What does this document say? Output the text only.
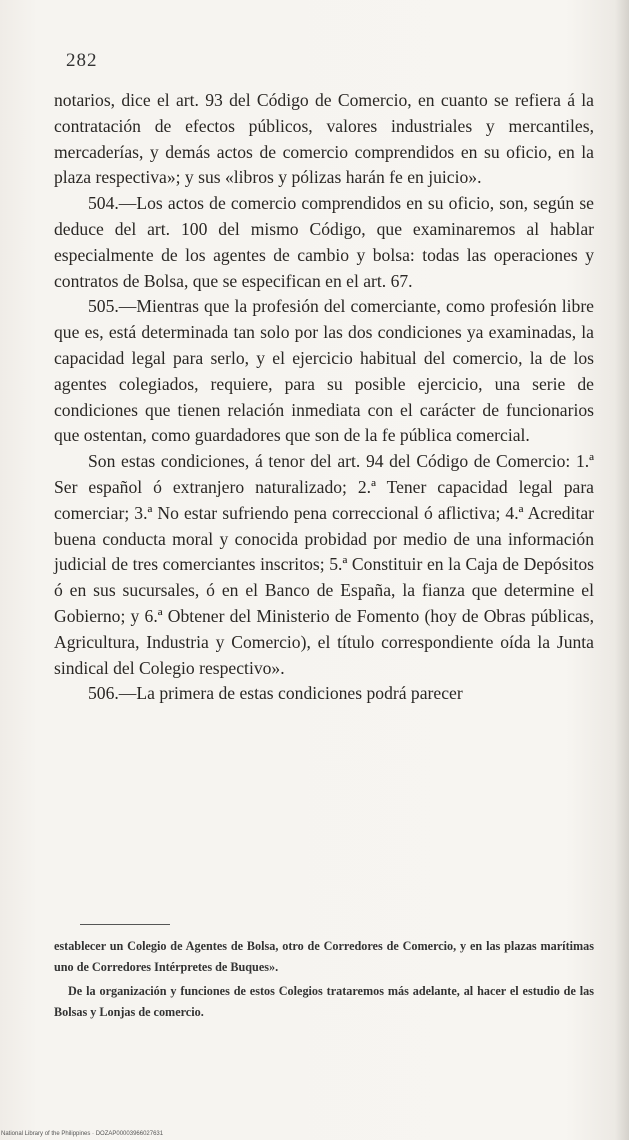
282

notarios, dice el art. 93 del Código de Comercio, en cuanto se refiera á la contratación de efectos públicos, valores industriales y mercantiles, mercaderías, y demás actos de comercio comprendidos en su oficio, en la plaza respectiva»; y sus «libros y pólizas harán fe en juicio».

504.—Los actos de comercio comprendidos en su oficio, son, según se deduce del art. 100 del mismo Código, que examinaremos al hablar especialmente de los agentes de cambio y bolsa: todas las operaciones y contratos de Bolsa, que se especifican en el art. 67.

505.—Mientras que la profesión del comerciante, como profesión libre que es, está determinada tan solo por las dos condiciones ya examinadas, la capacidad legal para serlo, y el ejercicio habitual del comercio, la de los agentes colegiados, requiere, para su posible ejercicio, una serie de condiciones que tienen relación inmediata con el carácter de funcionarios que ostentan, como guardadores que son de la fe pública comercial.

Son estas condiciones, á tenor del art. 94 del Código de Comercio: 1.ª Ser español ó extranjero naturalizado; 2.ª Tener capacidad legal para comerciar; 3.ª No estar sufriendo pena correccional ó aflictiva; 4.ª Acreditar buena conducta moral y conocida probidad por medio de una información judicial de tres comerciantes inscritos; 5.ª Constituir en la Caja de Depósitos ó en sus sucursales, ó en el Banco de España, la fianza que determine el Gobierno; y 6.ª Obtener del Ministerio de Fomento (hoy de Obras públicas, Agricultura, Industria y Comercio), el título correspondiente oída la Junta sindical del Colegio respectivo».

506.—La primera de estas condiciones podrá parecer

establecer un Colegio de Agentes de Bolsa, otro de Corredores de Comercio, y en las plazas marítimas uno de Corredores Intérpretes de Buques».

De la organización y funciones de estos Colegios trataremos más adelante, al hacer el estudio de las Bolsas y Lonjas de comercio.

National Library of the Philippines · DOZAP00003966027631
